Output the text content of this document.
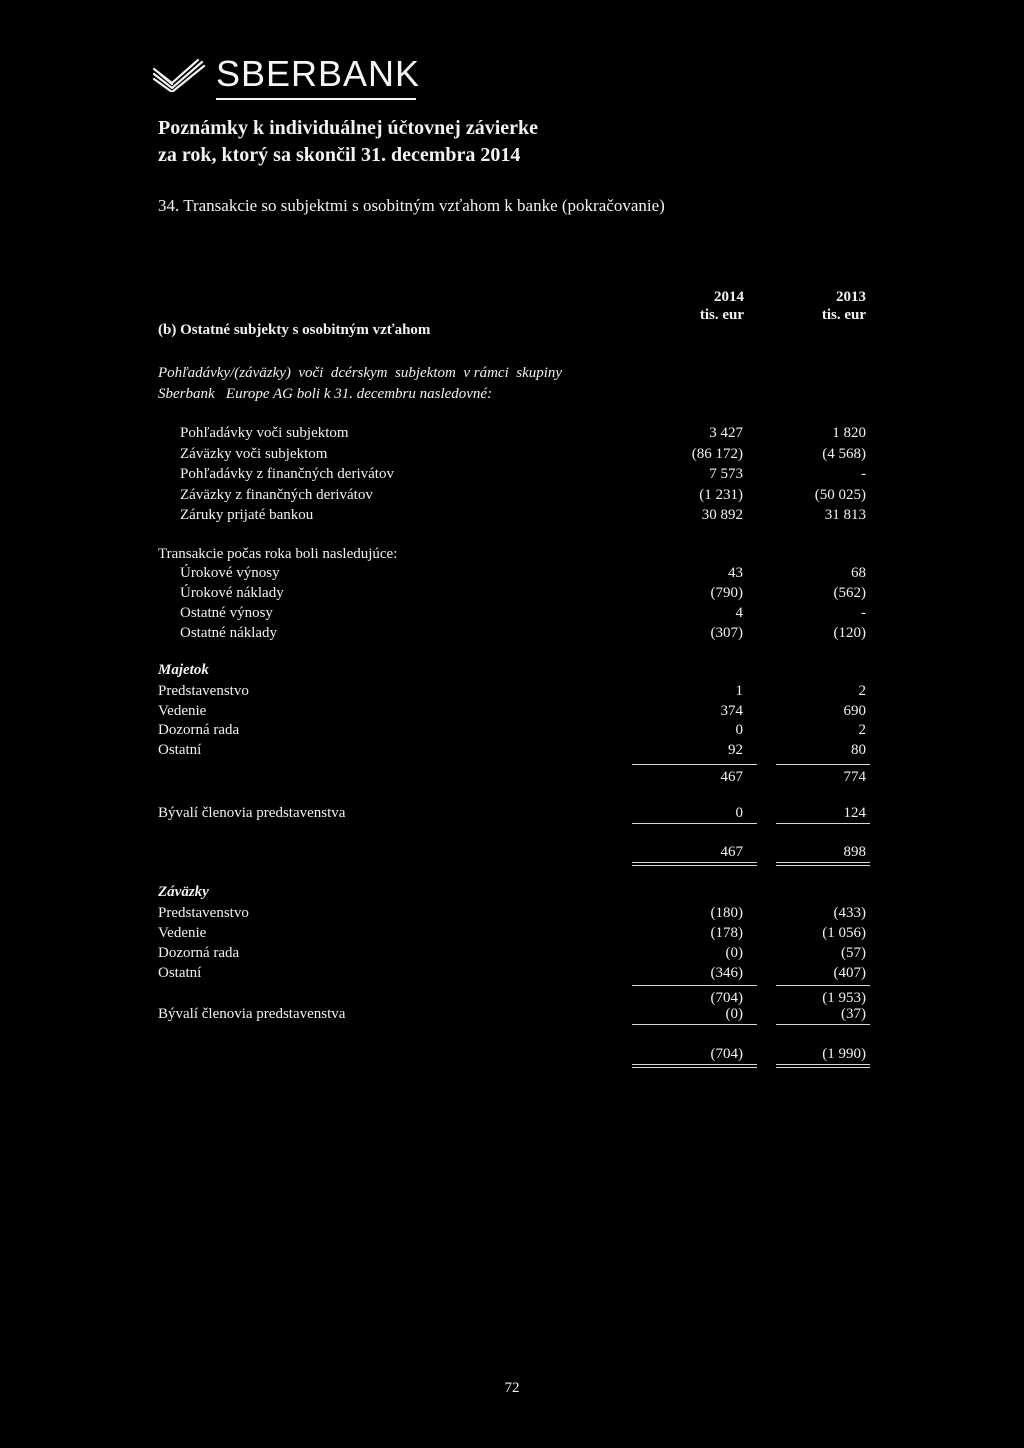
SBERBANK
Poznámky k individuálnej účtovnej závierke
za rok, ktorý sa skončil 31. decembra 2014
34. Transakcie so subjektmi s osobitným vzťahom k banke (pokračovanie)
2014
tis. eur
2013
tis. eur
(b) Ostatné subjekty s osobitným vzťahom
Pohľadávky/(záväzky)  voči  dcérskym  subjektom  v rámci  skupiny
Sberbank   Europe AG boli k 31. decembru nasledovné:
Pohľadávky voči subjektom	3 427	1 820
Záväzky voči subjektom	(86 172)	(4 568)
Pohľadávky z finančných derivátov	7 573	-
Záväzky z finančných derivátov	(1 231)	(50 025)
Záruky prijaté bankou	30 892	31 813
Transakcie počas roka boli nasledujúce:
Úrokové výnosy	43	68
Úrokové náklady	(790)	(562)
Ostatné výnosy	4	-
Ostatné náklady	(307)	(120)
Majetok
Predstavenstvo	1	2
Vedenie	374	690
Dozorná rada	0	2
Ostatní	92	80
467	774
Bývalí členovia predstavenstva	0	124
467	898
Záväzky
Predstavenstvo	(180)	(433)
Vedenie	(178)	(1 056)
Dozorná rada	(0)	(57)
Ostatní	(346)	(407)
(704)	(1 953)
Bývalí členovia predstavenstva	(0)	(37)
(704)	(1 990)
72
